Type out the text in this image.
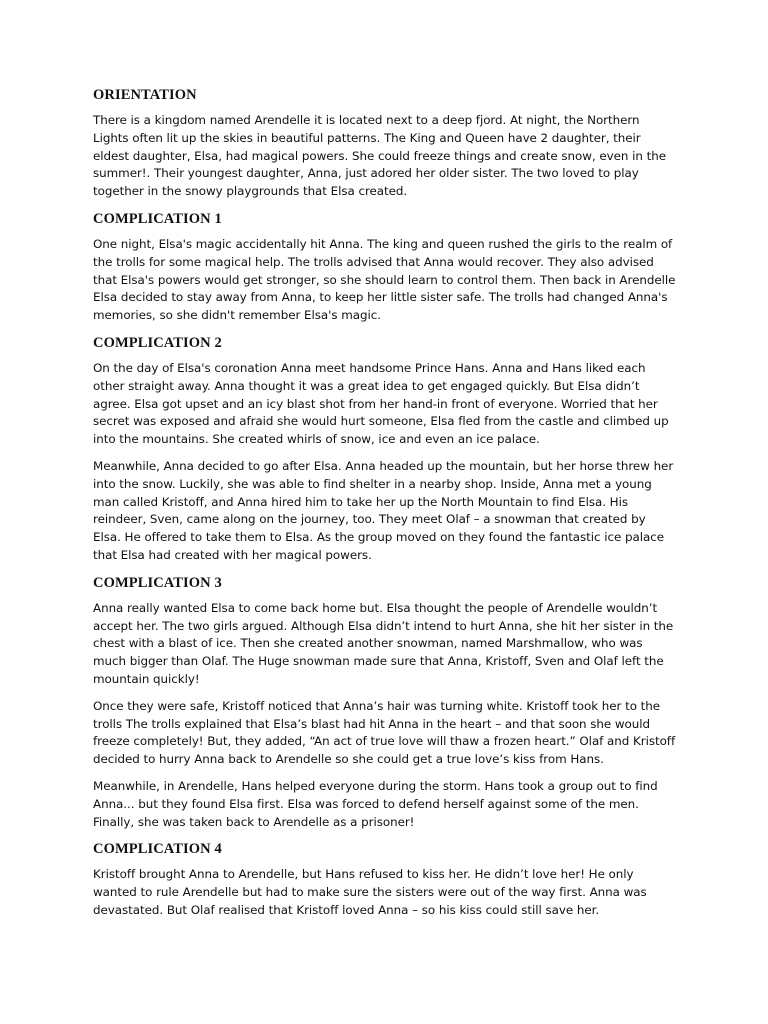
ORIENTATION

There is a kingdom named Arendelle it is located next to a deep fjord. At night, the Northern Lights often lit up the skies in beautiful patterns. The King and Queen have 2 daughter, their eldest daughter, Elsa, had magical powers. She could freeze things and create snow, even in the summer!. Their youngest daughter, Anna, just adored her older sister. The two loved to play together in the snowy playgrounds that Elsa created.

COMPLICATION 1

One night, Elsa's magic accidentally hit Anna. The king and queen rushed the girls to the realm of the trolls for some magical help. The trolls advised that Anna would recover. They also advised that Elsa's powers would get stronger, so she should learn to control them. Then back in Arendelle Elsa decided to stay away from Anna, to keep her little sister safe. The trolls had changed Anna's memories, so she didn't remember Elsa's magic.

COMPLICATION 2

On the day of Elsa's coronation Anna meet handsome Prince Hans. Anna and Hans liked each other straight away. Anna thought it was a great idea to get engaged quickly. But Elsa didn’t agree. Elsa got upset and an icy blast shot from her hand-in front of everyone. Worried that her secret was exposed and afraid she would hurt someone, Elsa fled from the castle and climbed up into the mountains. She created whirls of snow, ice and even an ice palace.

Meanwhile, Anna decided to go after Elsa. Anna headed up the mountain, but her horse threw her into the snow. Luckily, she was able to find shelter in a nearby shop. Inside, Anna met a young man called Kristoff, and Anna hired him to take her up the North Mountain to find Elsa. His reindeer, Sven, came along on the journey, too. They meet Olaf – a snowman that created by Elsa. He offered to take them to Elsa. As the group moved on they found the fantastic ice palace that Elsa had created with her magical powers.

COMPLICATION 3

Anna really wanted Elsa to come back home but. Elsa thought the people of Arendelle wouldn’t accept her. The two girls argued. Although Elsa didn’t intend to hurt Anna, she hit her sister in the chest with a blast of ice. Then she created another snowman, named Marshmallow, who was much bigger than Olaf. The Huge snowman made sure that Anna, Kristoff, Sven and Olaf left the mountain quickly!

Once they were safe, Kristoff noticed that Anna’s hair was turning white. Kristoff took her to the trolls The trolls explained that Elsa’s blast had hit Anna in the heart – and that soon she would freeze completely! But, they added, “An act of true love will thaw a frozen heart.” Olaf and Kristoff decided to hurry Anna back to Arendelle so she could get a true love’s kiss from Hans.

Meanwhile, in Arendelle, Hans helped everyone during the storm. Hans took a group out to find Anna... but they found Elsa first. Elsa was forced to defend herself against some of the men. Finally, she was taken back to Arendelle as a prisoner!

COMPLICATION 4

Kristoff brought Anna to Arendelle, but Hans refused to kiss her. He didn’t love her! He only wanted to rule Arendelle but had to make sure the sisters were out of the way first. Anna was devastated. But Olaf realised that Kristoff loved Anna – so his kiss could still save her.
